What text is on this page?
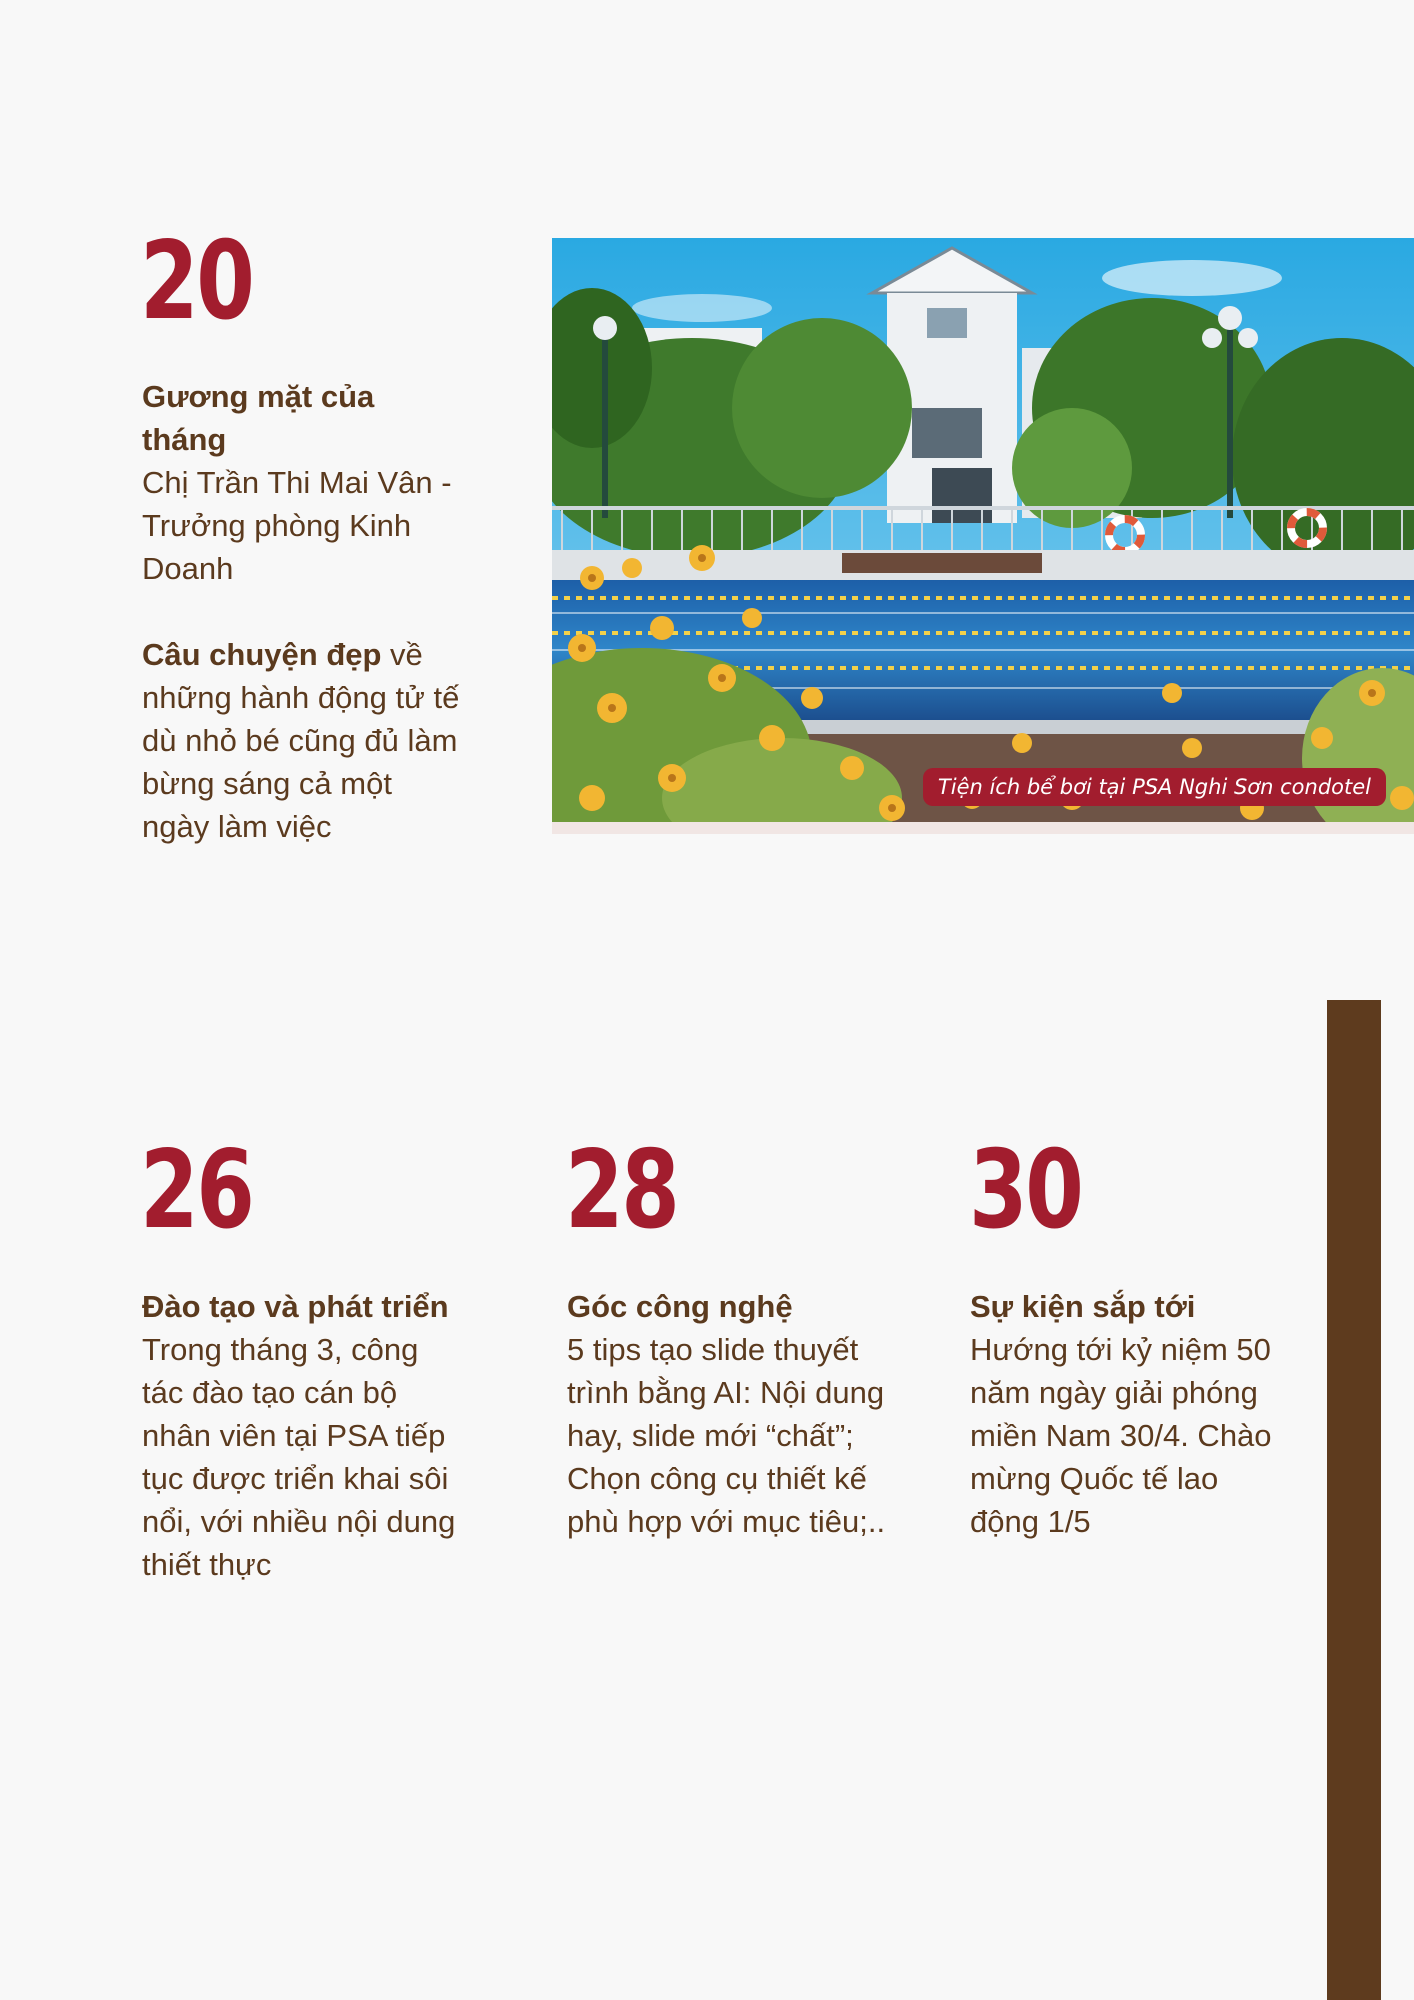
20
Gương mặt của tháng

Chị Trần Thi Mai Vân - Trưởng phòng Kinh Doanh

Câu chuyện đẹp về những hành động tử tế dù nhỏ bé cũng đủ làm bừng sáng cả một ngày làm việc

Tiện ích bể bơi tại PSA Nghi Sơn condotel
26
Đào tạo và phát triển

Trong tháng 3, công tác đào tạo cán bộ nhân viên tại PSA tiếp tục được triển khai sôi nổi, với nhiều nội dung thiết thực

28
Góc công nghệ

5 tips tạo slide thuyết trình bằng AI: Nội dung hay, slide mới “chất”; Chọn công cụ thiết kế phù hợp với mục tiêu;..

30
Sự kiện sắp tới

Hướng tới kỷ niệm 50 năm ngày giải phóng miền Nam 30/4. Chào mừng Quốc tế lao động 1/5
